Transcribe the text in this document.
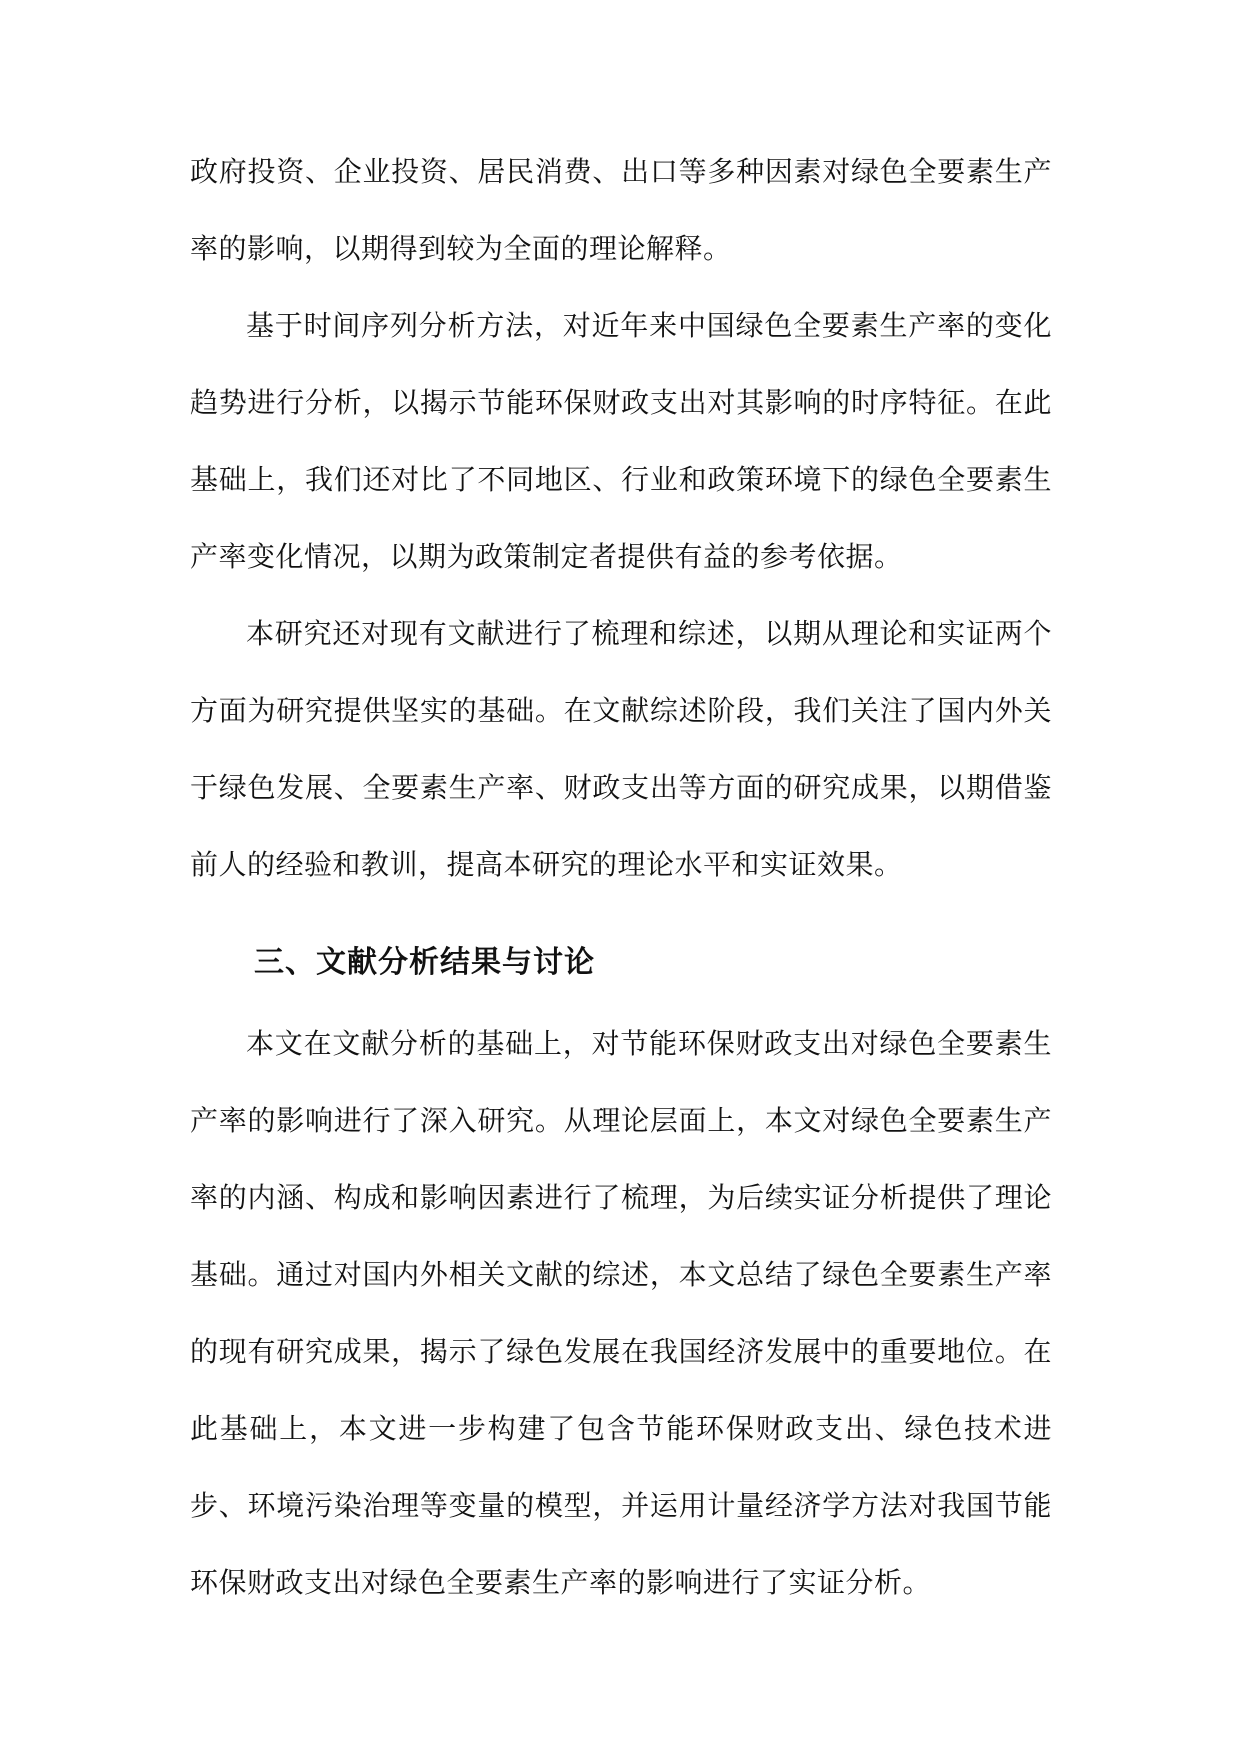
政府投资、企业投资、居民消费、出口等多种因素对绿色全要素生产率的影响，以期得到较为全面的理论解释。

基于时间序列分析方法，对近年来中国绿色全要素生产率的变化趋势进行分析，以揭示节能环保财政支出对其影响的时序特征。在此基础上，我们还对比了不同地区、行业和政策环境下的绿色全要素生产率变化情况，以期为政策制定者提供有益的参考依据。

本研究还对现有文献进行了梳理和综述，以期从理论和实证两个方面为研究提供坚实的基础。在文献综述阶段，我们关注了国内外关于绿色发展、全要素生产率、财政支出等方面的研究成果，以期借鉴前人的经验和教训，提高本研究的理论水平和实证效果。

三、文献分析结果与讨论

本文在文献分析的基础上，对节能环保财政支出对绿色全要素生产率的影响进行了深入研究。从理论层面上，本文对绿色全要素生产率的内涵、构成和影响因素进行了梳理，为后续实证分析提供了理论基础。通过对国内外相关文献的综述，本文总结了绿色全要素生产率的现有研究成果，揭示了绿色发展在我国经济发展中的重要地位。在此基础上，本文进一步构建了包含节能环保财政支出、绿色技术进步、环境污染治理等变量的模型，并运用计量经济学方法对我国节能环保财政支出对绿色全要素生产率的影响进行了实证分析。
